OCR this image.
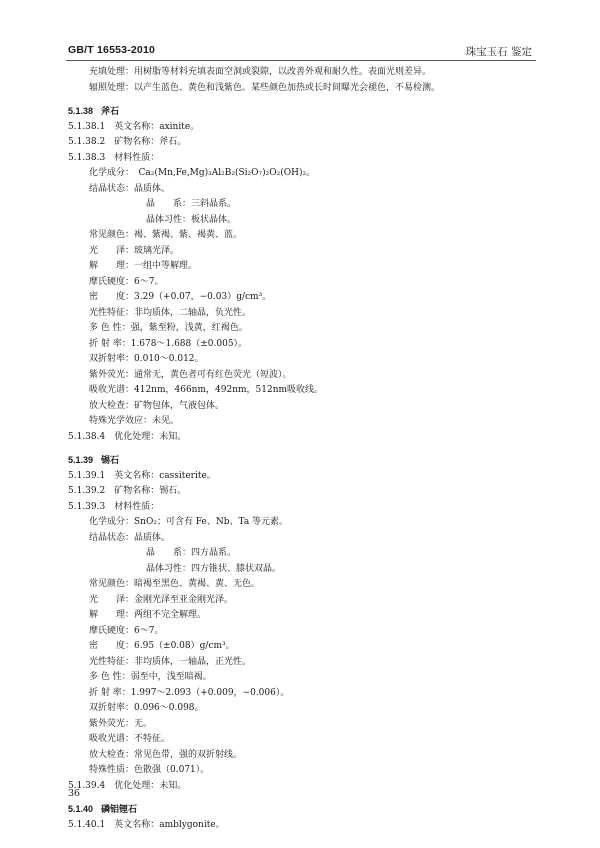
GB/T 16553-2010	珠宝玉石 鉴定
充填处理：用树脂等材料充填表面空洞或裂隙，以改善外观和耐久性。表面光则差异。
辐照处理：以产生蓝色、黄色和浅紫色。某些颜色加热或长时间曝光会褪色，不易检测。
5.1.38 斧石
5.1.38.1　英文名称：axinite。
5.1.38.2　矿物名称：斧石。
5.1.38.3　材料性质：
化学成分：　Ca₂(Mn,Fe,Mg)₃Al₂B₂(Si₂O₇)₂O₂(OH)₂。
结晶状态：晶质体。
晶　　系：三斜晶系。
晶体习性：板状晶体。
常见颜色：褐、紫褐、紫、褐黄、蓝。
光　　泽：玻璃光泽。
解　　理：一组中等解理。
摩氏硬度：6～7。
密　　度：3.29（+0.07，−0.03）g/cm³。
光性特征：非均质体，二轴晶，负光性。
多 色 性：强，紫至粉，浅黄，红褐色。
折 射 率：1.678～1.688（±0.005）。
双折射率：0.010～0.012。
紫外荧光：通常无，黄色者可有红色荧光（短波）。
吸收光谱：412nm，466nm，492nm，512nm吸收线。
放大检查：矿物包体，气液包体。
特殊光学效应：未见。
5.1.38.4　优化处理：未知。
5.1.39 锡石
5.1.39.1　英文名称：cassiterite。
5.1.39.2　矿物名称：锡石。
5.1.39.3　材料性质：
化学成分：SnO₂；可含有 Fe、Nb、Ta 等元素。
结晶状态：晶质体。
晶　　系：四方晶系。
晶体习性：四方锥状、膝状双晶。
常见颜色：暗褐至黑色、黄褐、黄、无色。
光　　泽：金刚光泽至亚金刚光泽。
解　　理：两组不完全解理。
摩氏硬度：6～7。
密　　度：6.95（±0.08）g/cm³。
光性特征：非均质体，一轴晶，正光性。
多 色 性：弱至中，浅至暗褐。
折 射 率：1.997～2.093（+0.009，−0.006）。
双折射率：0.096～0.098。
紫外荧光：无。
吸收光谱：不特征。
放大检查：常见色带，强的双折射线。
特殊性质：色散强（0.071）。
5.1.39.4　优化处理：未知。
5.1.40 磷铝锂石
5.1.40.1　英文名称：amblygonite。
36
